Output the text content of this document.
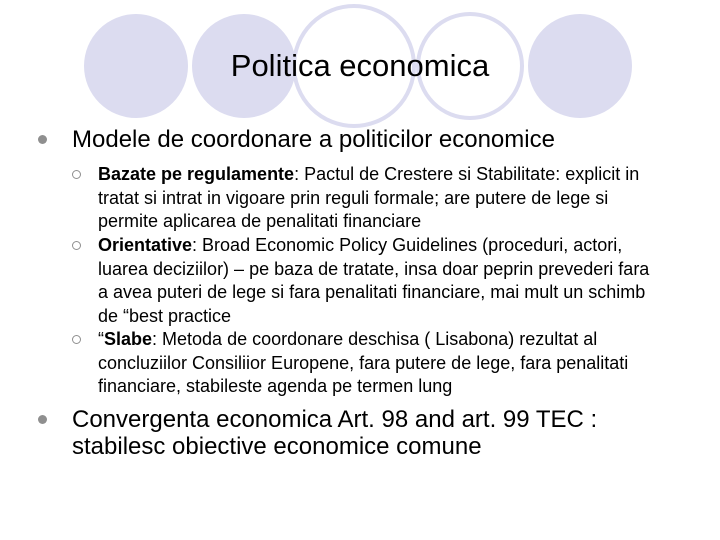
Politica economica
Modele de coordonare a politicilor economice
Bazate pe regulamente: Pactul de Crestere si Stabilitate: explicit in tratat si intrat in vigoare prin reguli formale; are putere de lege si permite aplicarea de penalitati financiare
Orientative: Broad Economic Policy Guidelines (proceduri, actori, luarea deciziilor) – pe baza de tratate, insa doar peprin prevederi fara a avea puteri de lege si fara penalitati financiare, mai mult un schimb de “best practice
“Slabe: Metoda de coordonare deschisa ( Lisabona) rezultat al concluziilor Consiliior Europene, fara putere de lege, fara penalitati financiare, stabileste agenda pe termen lung
Convergenta economica Art. 98 and art. 99 TEC : stabilesc obiective economice comune
